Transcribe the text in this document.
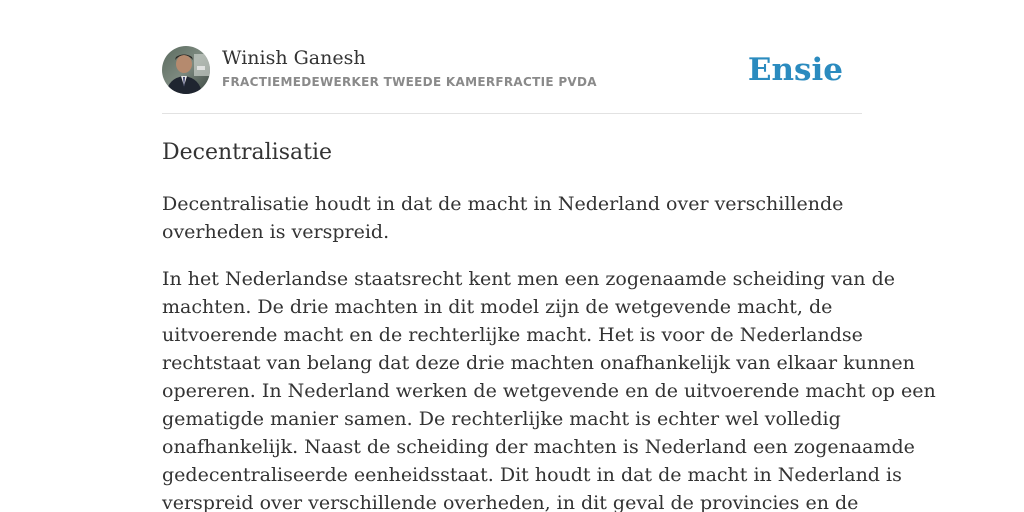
Winish Ganesh
FRACTIEMEDEWERKER TWEEDE KAMERFRACTIE PVDA	Ensie
Decentralisatie

Decentralisatie houdt in dat de macht in Nederland over verschillende
overheden is verspreid.

In het Nederlandse staatsrecht kent men een zogenaamde scheiding van de
machten. De drie machten in dit model zijn de wetgevende macht, de
uitvoerende macht en de rechterlijke macht. Het is voor de Nederlandse
rechtstaat van belang dat deze drie machten onafhankelijk van elkaar kunnen
opereren. In Nederland werken de wetgevende en de uitvoerende macht op een
gematigde manier samen. De rechterlijke macht is echter wel volledig
onafhankelijk. Naast de scheiding der machten is Nederland een zogenaamde
gedecentraliseerde eenheidsstaat. Dit houdt in dat de macht in Nederland is
verspreid over verschillende overheden, in dit geval de provincies en de
